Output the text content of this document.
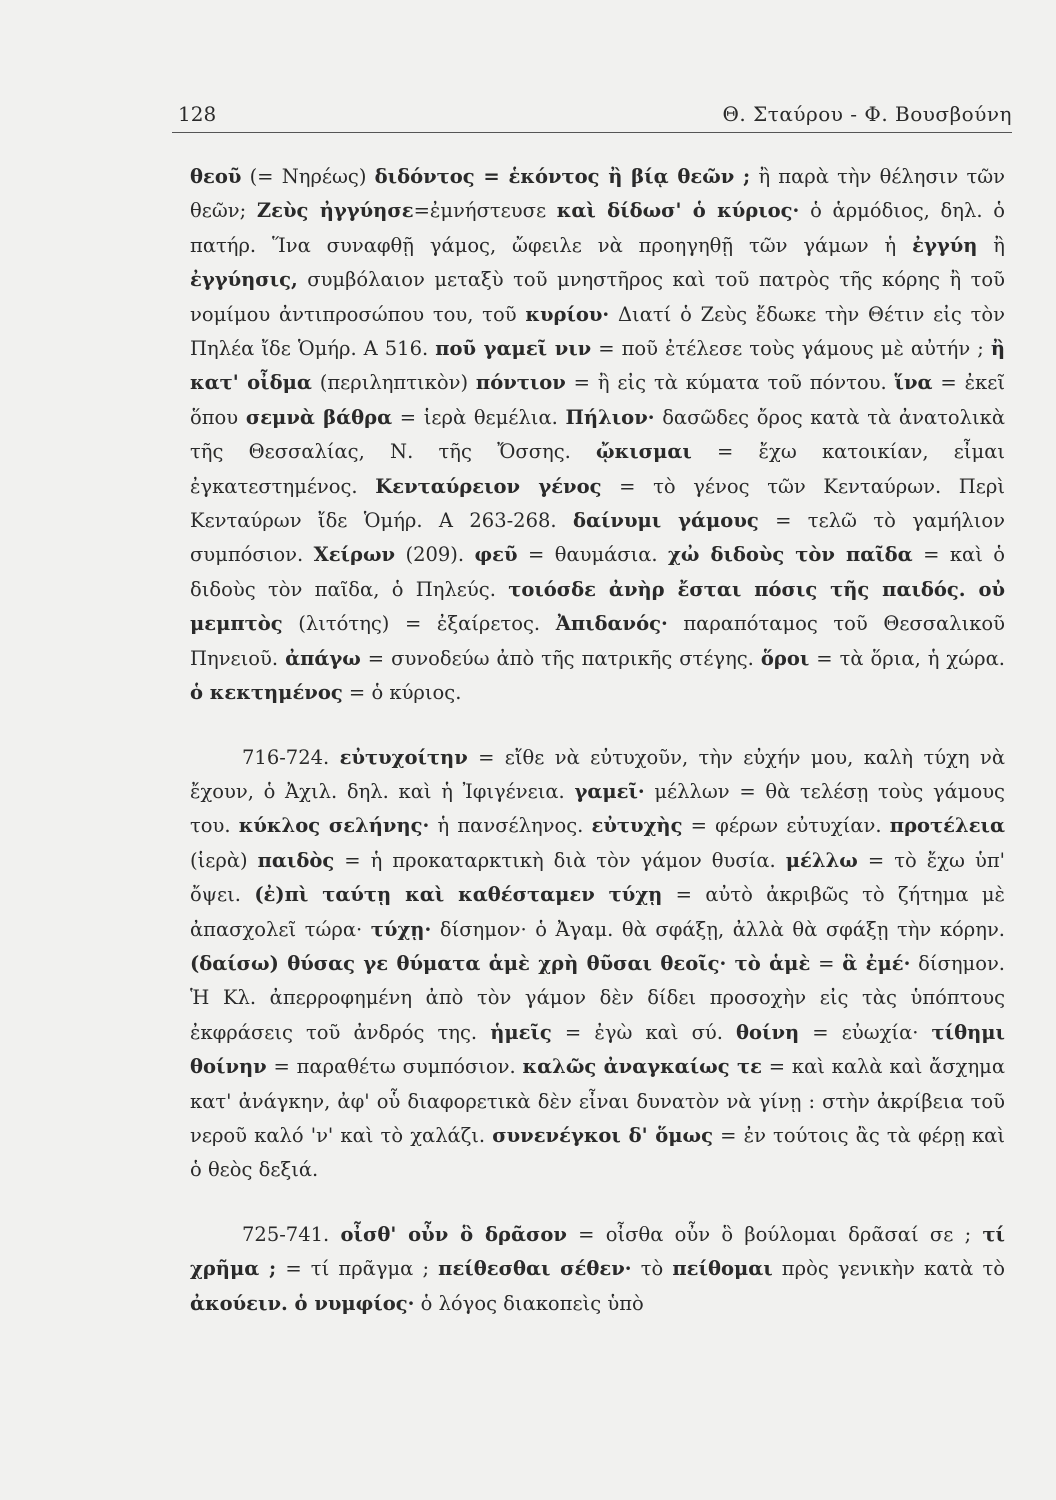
128	Θ. Σταύρου - Φ. Βουσβούνη

θεοῦ (= Νηρέως) διδόντος = ἑκόντος ἢ βίᾳ θεῶν ; ἢ παρὰ τὴν θέλησιν τῶν θεῶν; Ζεὺς ἠγγύησε=ἐμνήστευσε καὶ δίδωσ' ὁ κύριος· ὁ ἁρμόδιος, δηλ. ὁ πατήρ. Ἵνα συναφθῇ γάμος, ὤφειλε νὰ προηγηθῇ τῶν γάμων ἡ ἐγγύη ἢ ἐγγύησις, συμβόλαιον μεταξὺ τοῦ μνηστῆρος καὶ τοῦ πατρὸς τῆς κόρης ἢ τοῦ νομίμου ἀντιπροσώπου του, τοῦ κυρίου· Διατί ὁ Ζεὺς ἔδωκε τὴν Θέτιν εἰς τὸν Πηλέα ἴδε Ὁμήρ. Α 516. ποῦ γαμεῖ νιν = ποῦ ἐτέλεσε τοὺς γάμους μὲ αὐτήν ; ἢ κατ' οἶδμα (περιληπτικὸν) πόντιον = ἢ εἰς τὰ κύματα τοῦ πόντου. ἵνα = ἐκεῖ ὅπου σεμνὰ βάθρα = ἱερὰ θεμέλια. Πήλιον· δασῶδες ὄρος κατὰ τὰ ἀνατολικὰ τῆς Θεσσαλίας, Ν. τῆς Ὄσσης. ᾤκισμαι = ἔχω κατοικίαν, εἶμαι ἐγκατεστημένος. Κενταύρειον γένος = τὸ γένος τῶν Κενταύρων. Περὶ Κενταύρων ἴδε Ὁμήρ. Α 263-268. δαίνυμι γάμους = τελῶ τὸ γαμήλιον συμπόσιον. Χείρων (209). φεῦ = θαυμάσια. χὠ διδοὺς τὸν παῖδα = καὶ ὁ διδοὺς τὸν παῖδα, ὁ Πηλεύς. τοιόσδε ἀνὴρ ἔσται πόσις τῆς παιδός. οὐ μεμπτὸς (λιτότης) = ἐξαίρετος. Ἀπιδανός· παραπόταμος τοῦ Θεσσαλικοῦ Πηνειοῦ. ἀπάγω = συνοδεύω ἀπὸ τῆς πατρικῆς στέγης. ὅροι = τὰ ὅρια, ἡ χώρα. ὁ κεκτημένος = ὁ κύριος.

716-724. εὐτυχοίτην = εἴθε νὰ εὐτυχοῦν, τὴν εὐχήν μου, καλὴ τύχη νὰ ἔχουν, ὁ Ἀχιλ. δηλ. καὶ ἡ Ἰφιγένεια. γαμεῖ· μέλλων = θὰ τελέσῃ τοὺς γάμους του. κύκλος σελήνης· ἡ πανσέληνος. εὐτυχὴς = φέρων εὐτυχίαν. προτέλεια (ἱερὰ) παιδὸς = ἡ προκαταρκτικὴ διὰ τὸν γάμον θυσία. μέλλω = τὸ ἔχω ὑπ' ὄψει. (ἐ)πὶ ταύτῃ καὶ καθέσταμεν τύχῃ = αὐτὸ ἀκριβῶς τὸ ζήτημα μὲ ἀπασχολεῖ τώρα· τύχῃ· δίσημον· ὁ Ἀγαμ. θὰ σφάξῃ, ἀλλὰ θὰ σφάξῃ τὴν κόρην. (δαίσω) θύσας γε θύματα ἁμὲ χρὴ θῦσαι θεοῖς· τὸ ἁμὲ = ἃ ἐμέ· δίσημον. Ἡ Κλ. ἀπερροφημένη ἀπὸ τὸν γάμον δὲν δίδει προσοχὴν εἰς τὰς ὑπόπτους ἐκφράσεις τοῦ ἀνδρός της. ἡμεῖς = ἐγὼ καὶ σύ. θοίνη = εὐωχία· τίθημι θοίνην = παραθέτω συμπόσιον. καλῶς ἀναγκαίως τε = καὶ καλὰ καὶ ἄσχημα κατ' ἀνάγκην, ἀφ' οὗ διαφορετικὰ δὲν εἶναι δυνατὸν νὰ γίνῃ : στὴν ἀκρίβεια τοῦ νεροῦ καλό 'ν' καὶ τὸ χαλάζι. συνενέγκοι δ' ὅμως = ἐν τούτοις ἂς τὰ φέρῃ καὶ ὁ θεὸς δεξιά.

725-741. οἶσθ' οὖν ὃ δρᾶσον = οἶσθα οὖν ὃ βούλομαι δρᾶσαί σε ; τί χρῆμα ; = τί πρᾶγμα ; πείθεσθαι σέθεν· τὸ πείθομαι πρὸς γενικὴν κατὰ τὸ ἀκούειν. ὁ νυμφίος· ὁ λόγος διακοπεὶς ὑπὸ
